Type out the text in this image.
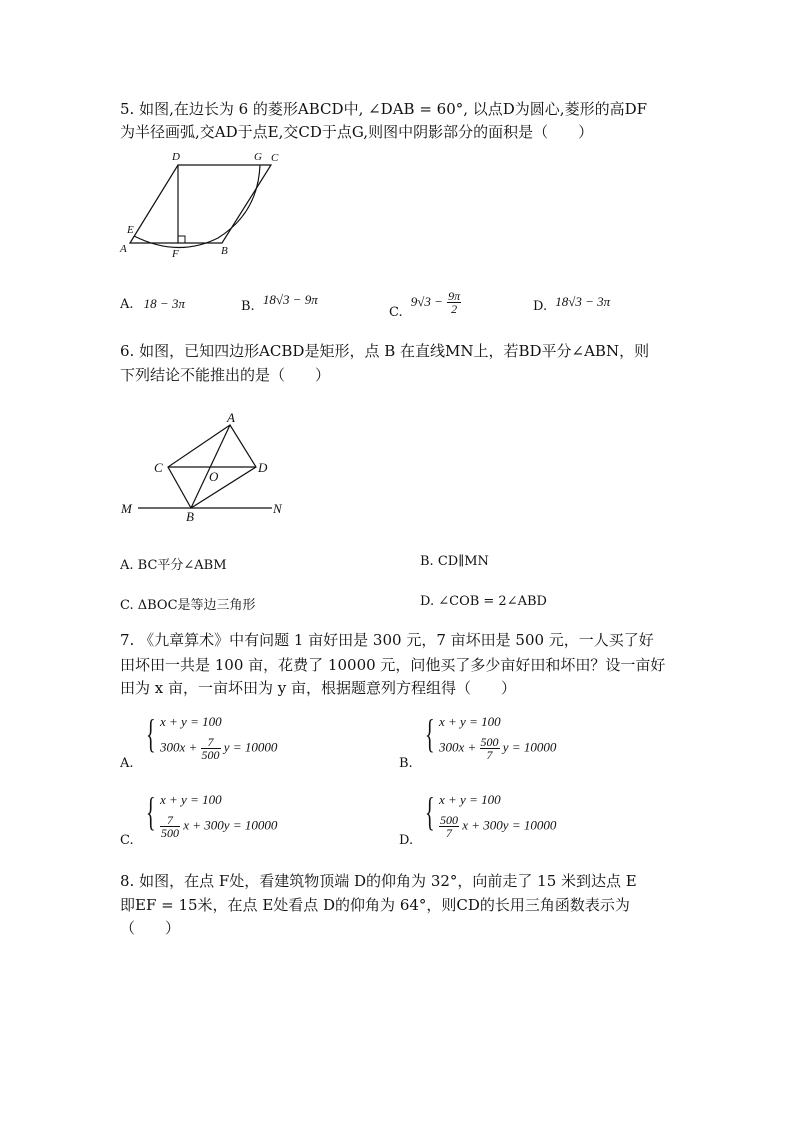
5. 如图,在边长为 6 的菱形ABCD中, ∠DAB = 60°, 以点D为圆心,菱形的高DF
为半径画弧,交AD于点E,交CD于点G,则图中阴影部分的面积是（　　）
D	G C
E
A	F	B
A. 18 − 3π	B. 18√3 − 9π
C. $9√3 - \frac{9\pi}{2}$	D. 18√3 − 3π
6. 如图，已知四边形ACBD是矩形，点 B 在直线MN上，若BD平分∠ABN，则
下列结论不能推出的是（　　）
A
C	D
O
M
B
N
A. BC平分∠ABM	B. CD∥MN
C. ΔBOC是等边三角形	D. ∠COB = 2∠ABD
7. 《九章算术》中有问题 1 亩好田是 300 元，7 亩坏田是 500 元，一人买了好
田坏田一共是 100 亩，花费了 10000 元，问他买了多少亩好田和坏田？设一亩好
田为 x 亩，一亩坏田为 y 亩，根据题意列方程组得（　　）
A.
{ x + y = 100
$300x + \frac{7}{500}$ y = 10000
B.
{ x + y = 100
$300x + \frac{500}{7}$ y = 10000
C.
{ x + y = 100
$\frac{7}{500}$ x + 300y = 10000
D.
{ x + y = 100
$\frac{500}{7}$ x + 300y = 10000
8. 如图，在点 F处，看建筑物顶端 D的仰角为 32°，向前走了 15 米到达点 E
即EF = 15米，在点 E处看点 D的仰角为 64°，则CD的长用三角函数表示为
（　　）
